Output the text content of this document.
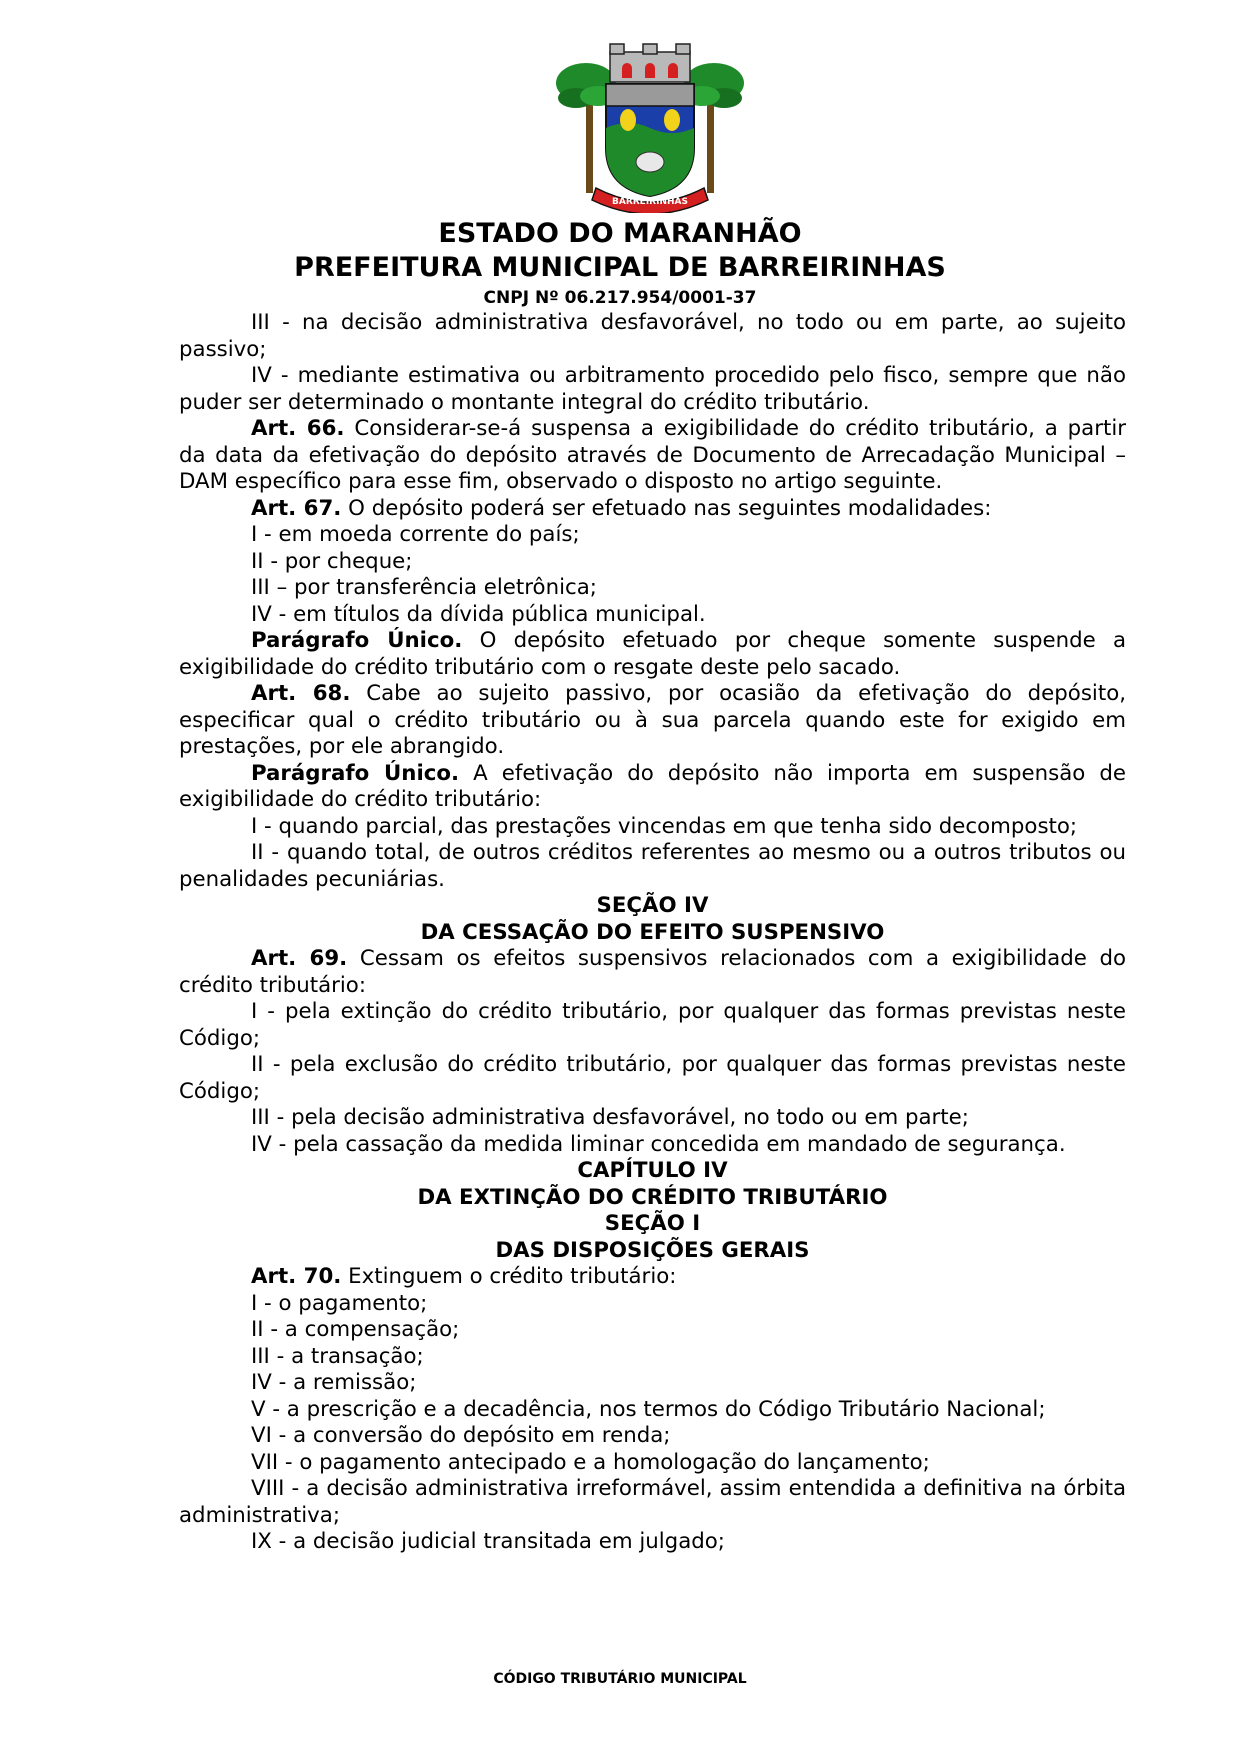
BARREIRINHAS
ESTADO DO MARANHÃO
PREFEITURA MUNICIPAL DE BARREIRINHAS
CNPJ Nº 06.217.954/0001-37

III - na decisão administrativa desfavorável, no todo ou em parte, ao sujeito passivo;

IV - mediante estimativa ou arbitramento procedido pelo fisco, sempre que não puder ser determinado o montante integral do crédito tributário.

Art. 66. Considerar-se-á suspensa a exigibilidade do crédito tributário, a partir da data da efetivação do depósito através de Documento de Arrecadação Municipal – DAM específico para esse fim, observado o disposto no artigo seguinte.

Art. 67. O depósito poderá ser efetuado nas seguintes modalidades:

I - em moeda corrente do país;

II - por cheque;

III – por transferência eletrônica;

IV - em títulos da dívida pública municipal.

Parágrafo Único. O depósito efetuado por cheque somente suspende a exigibilidade do crédito tributário com o resgate deste pelo sacado.

Art. 68. Cabe ao sujeito passivo, por ocasião da efetivação do depósito, especificar qual o crédito tributário ou à sua parcela quando este for exigido em prestações, por ele abrangido.

Parágrafo Único. A efetivação do depósito não importa em suspensão de exigibilidade do crédito tributário:

I - quando parcial, das prestações vincendas em que tenha sido decomposto;

II - quando total, de outros créditos referentes ao mesmo ou a outros tributos ou penalidades pecuniárias.

SEÇÃO IV

DA CESSAÇÃO DO EFEITO SUSPENSIVO

Art. 69. Cessam os efeitos suspensivos relacionados com a exigibilidade do crédito tributário:

I - pela extinção do crédito tributário, por qualquer das formas previstas neste Código;

II - pela exclusão do crédito tributário, por qualquer das formas previstas neste Código;

III - pela decisão administrativa desfavorável, no todo ou em parte;

IV - pela cassação da medida liminar concedida em mandado de segurança.

CAPÍTULO IV

DA EXTINÇÃO DO CRÉDITO TRIBUTÁRIO

SEÇÃO I

DAS DISPOSIÇÕES GERAIS

Art. 70. Extinguem o crédito tributário:

I - o pagamento;

II - a compensação;

III - a transação;

IV - a remissão;

V - a prescrição e a decadência, nos termos do Código Tributário Nacional;

VI - a conversão do depósito em renda;

VII - o pagamento antecipado e a homologação do lançamento;

VIII - a decisão administrativa irreformável, assim entendida a definitiva na órbita administrativa;

IX - a decisão judicial transitada em julgado;

CÓDIGO TRIBUTÁRIO MUNICIPAL
